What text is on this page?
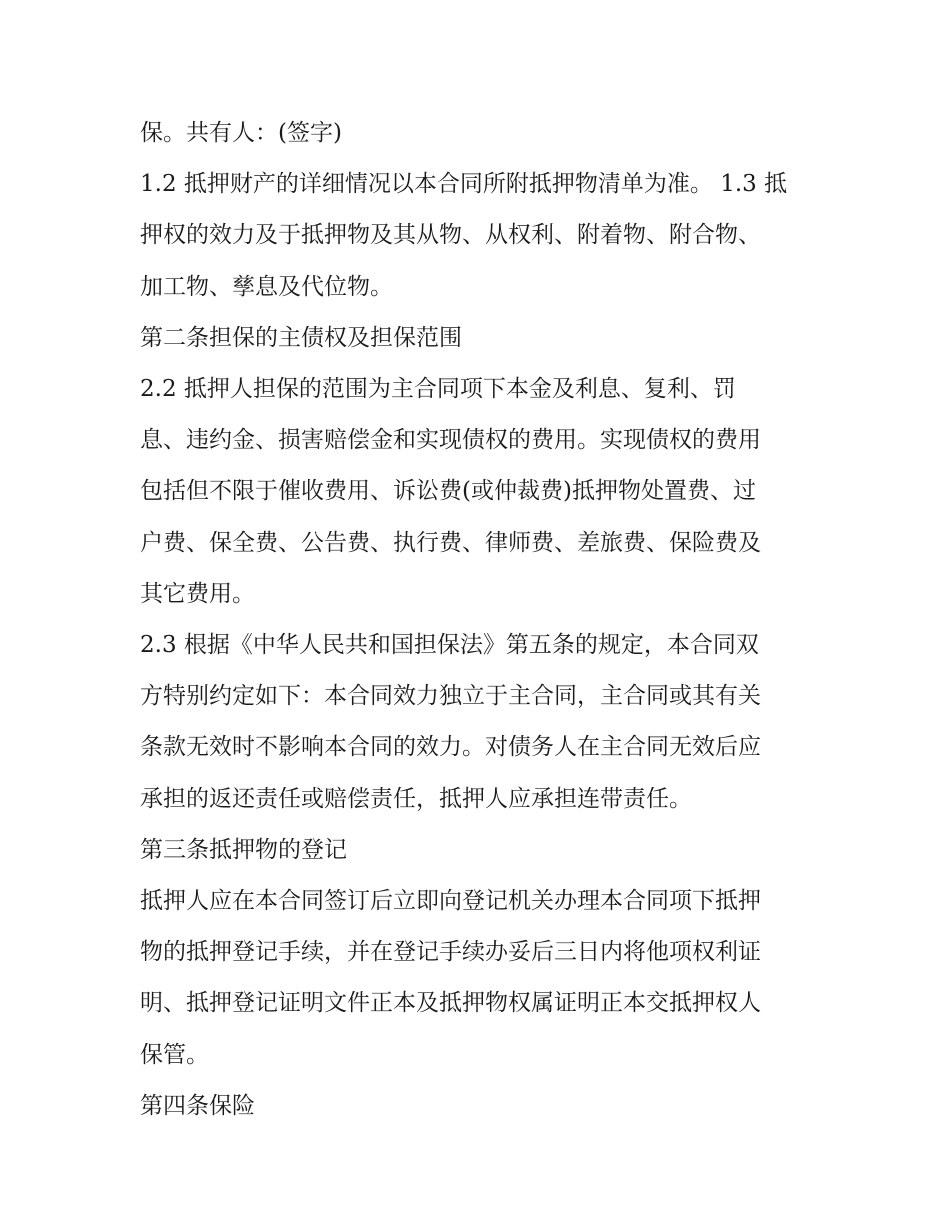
保。共有人：(签字)

1.2 抵押财产的详细情况以本合同所附抵押物清单为准。 1.3 抵

押权的效力及于抵押物及其从物、从权利、附着物、附合物、

加工物、孳息及代位物。

第二条担保的主债权及担保范围

2.2 抵押人担保的范围为主合同项下本金及利息、复利、罚

息、违约金、损害赔偿金和实现债权的费用。实现债权的费用

包括但不限于催收费用、诉讼费(或仲裁费)抵押物处置费、过

户费、保全费、公告费、执行费、律师费、差旅费、保险费及

其它费用。

2.3 根据《中华人民共和国担保法》第五条的规定，本合同双

方特别约定如下：本合同效力独立于主合同，主合同或其有关

条款无效时不影响本合同的效力。对债务人在主合同无效后应

承担的返还责任或赔偿责任，抵押人应承担连带责任。

第三条抵押物的登记

抵押人应在本合同签订后立即向登记机关办理本合同项下抵押

物的抵押登记手续，并在登记手续办妥后三日内将他项权利证

明、抵押登记证明文件正本及抵押物权属证明正本交抵押权人

保管。

第四条保险
